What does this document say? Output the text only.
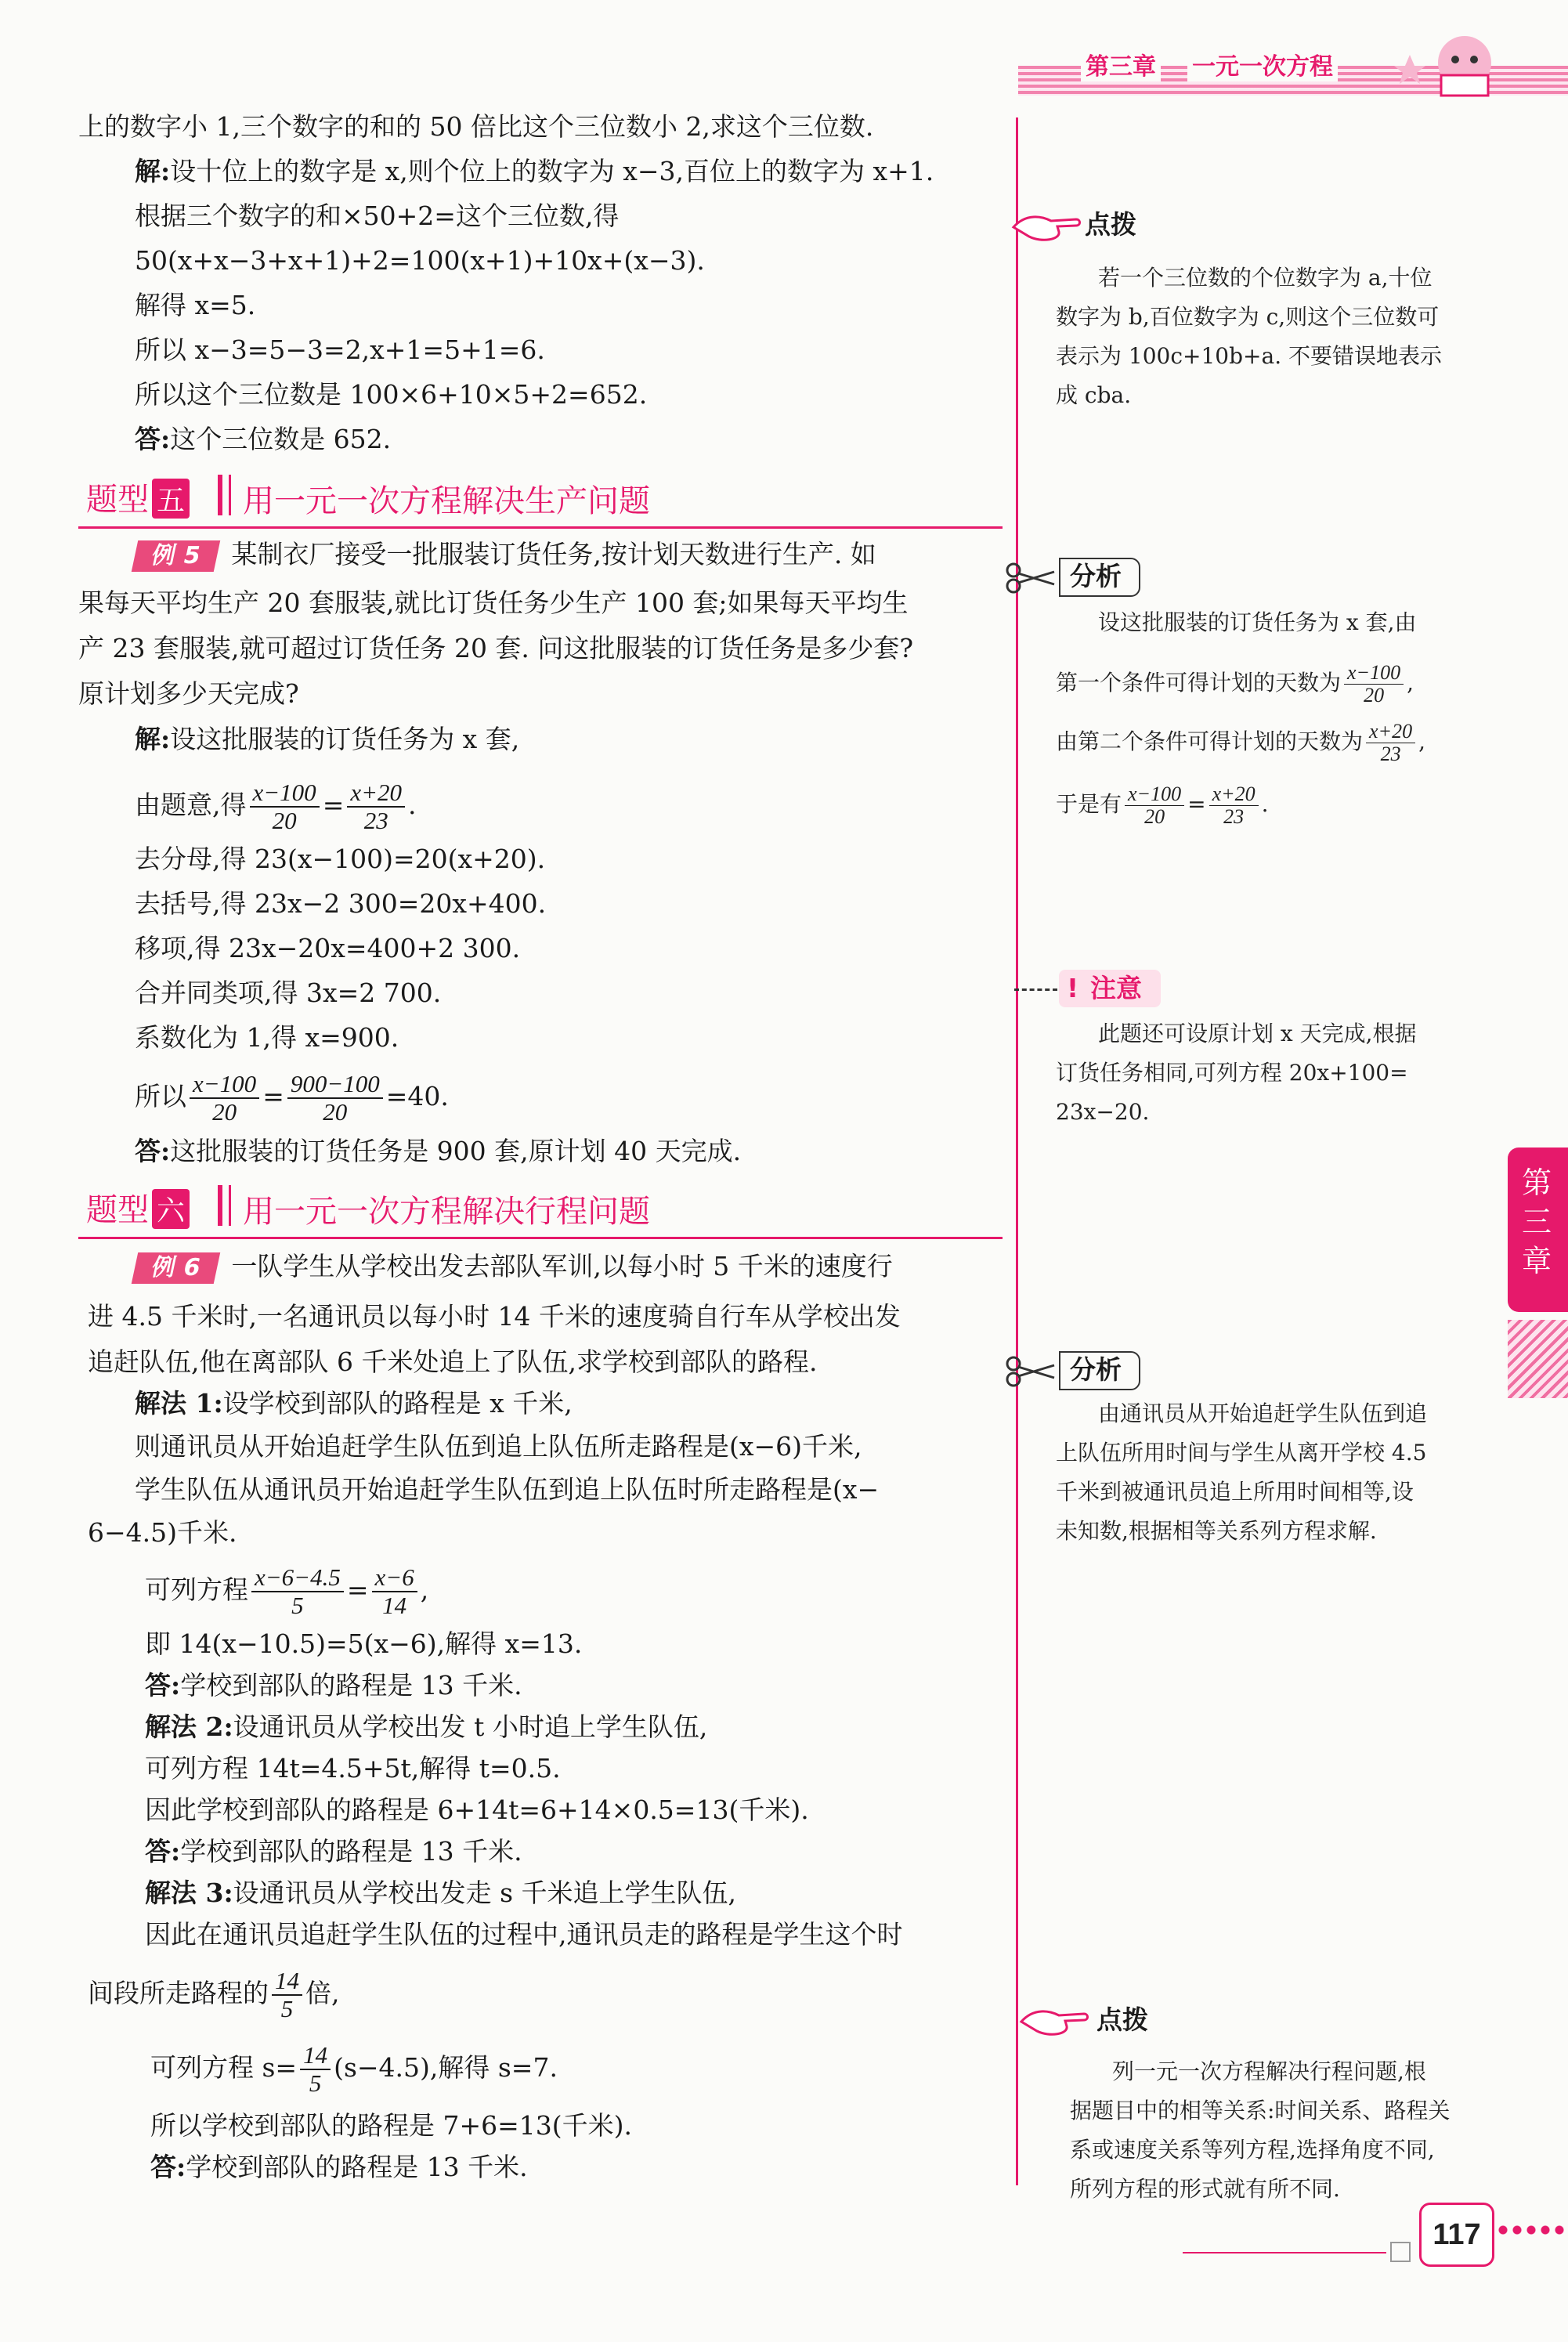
第三章 一元一次方程
上的数字小 1,三个数字的和的 50 倍比这个三位数小 2,求这个三位数.
解:设十位上的数字是 x,则个位上的数字为 x−3,百位上的数字为 x+1.
根据三个数字的和×50+2=这个三位数,得
50(x+x−3+x+1)+2=100(x+1)+10x+(x−3).
解得 x=5.
所以 x−3=5−3=2,x+1=5+1=6.
所以这个三位数是 100×6+10×5+2=652.
答:这个三位数是 652.
题型 五 用一元一次方程解决生产问题
例 5 某制衣厂接受一批服装订货任务,按计划天数进行生产. 如
果每天平均生产 20 套服装,就比订货任务少生产 100 套;如果每天平均生
产 23 套服装,就可超过订货任务 20 套. 问这批服装的订货任务是多少套?
原计划多少天完成?
解:设这批服装的订货任务为 x 套,
由题意,得 $\frac{x-100}{20} = \frac{x+20}{23}$ .
去分母,得 23(x−100)=20(x+20).
去括号,得 23x−2 300=20x+400.
移项,得 23x−20x=400+2 300.
合并同类项,得 3x=2 700.
系数化为 1,得 x=900.
所以 $\frac{x-100}{20} = \frac{900-100}{20} =40$.
答:这批服装的订货任务是 900 套,原计划 40 天完成.
题型 六 用一元一次方程解决行程问题
例 6 一队学生从学校出发去部队军训,以每小时 5 千米的速度行
进 4.5 千米时,一名通讯员以每小时 14 千米的速度骑自行车从学校出发
追赶队伍,他在离部队 6 千米处追上了队伍,求学校到部队的路程.
解法 1:设学校到部队的路程是 x 千米,
则通讯员从开始追赶学生队伍到追上队伍所走路程是(x−6)千米,
学生队伍从通讯员开始追赶学生队伍到追上队伍时所走路程是(x−
6−4.5)千米.
可列方程 $\frac{x-6-4.5}{5} = \frac{x-6}{14}$ ,
即 14(x−10.5)=5(x−6),解得 x=13.
答:学校到部队的路程是 13 千米.
解法 2:设通讯员从学校出发 t 小时追上学生队伍,
可列方程 14t=4.5+5t,解得 t=0.5.
因此学校到部队的路程是 6+14t=6+14×0.5=13(千米).
答:学校到部队的路程是 13 千米.
解法 3:设通讯员从学校出发走 s 千米追上学生队伍,
因此在通讯员追赶学生队伍的过程中,通讯员走的路程是学生这个时
间段所走路程的 $\frac{14}{5}$ 倍,
可列方程 $s= \frac{14}{5} (s-4.5)$,解得 s=7.
所以学校到部队的路程是 7+6=13(千米).
答:学校到部队的路程是 13 千米.
点拨
若一个三位数的个位数字为 a,十位
数字为 b,百位数字为 c,则这个三位数可
表示为 100c+10b+a. 不要错误地表示
成 cba.
分析
设这批服装的订货任务为 x 套,由
第一个条件可得计划的天数为 $\frac{x-100}{20}$ ,
由第二个条件可得计划的天数为 $\frac{x+20}{23}$ ,
于是有 $\frac{x-100}{20} = \frac{x+20}{23}$ .
! 注意
此题还可设原计划 x 天完成,根据
订货任务相同,可列方程 20x+100=
23x−20.
第三章
分析
由通讯员从开始追赶学生队伍到追
上队伍所用时间与学生从离开学校 4.5
千米到被通讯员追上所用时间相等,设
未知数,根据相等关系列方程求解.
点拨
列一元一次方程解决行程问题,根
据题目中的相等关系:时间关系、路程关
系或速度关系等列方程,选择角度不同,
所列方程的形式就有所不同.
117
